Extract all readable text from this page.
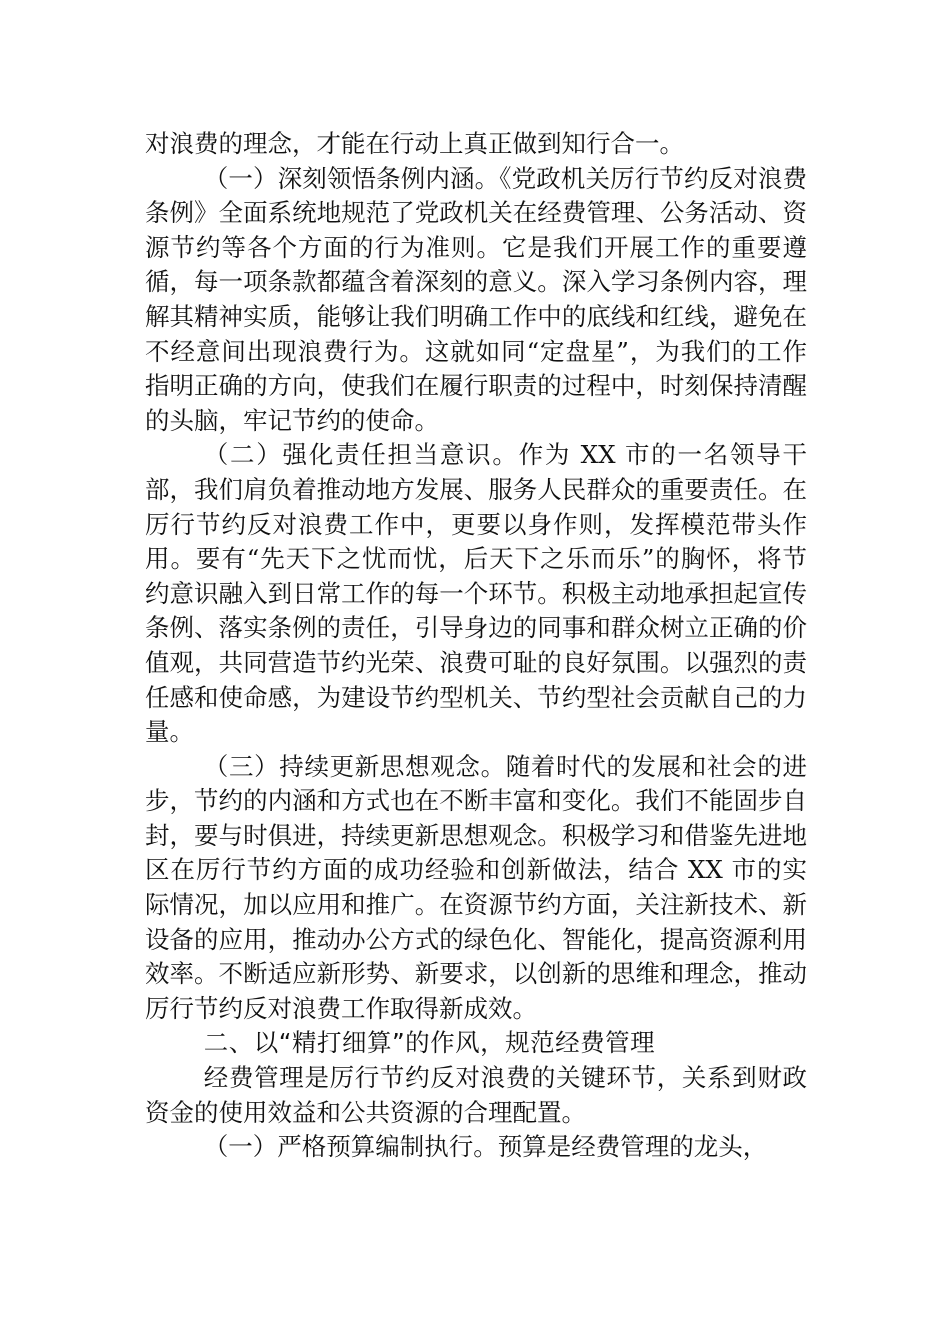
对浪费的理念，才能在行动上真正做到知行合一。

（一）深刻领悟条例内涵。《党政机关厉行节约反对浪费条例》全面系统地规范了党政机关在经费管理、公务活动、资源节约等各个方面的行为准则。它是我们开展工作的重要遵循，每一项条款都蕴含着深刻的意义。深入学习条例内容，理解其精神实质，能够让我们明确工作中的底线和红线，避免在不经意间出现浪费行为。这就如同“定盘星”，为我们的工作指明正确的方向，使我们在履行职责的过程中，时刻保持清醒的头脑，牢记节约的使命。

（二）强化责任担当意识。作为 XX 市的一名领导干部，我们肩负着推动地方发展、服务人民群众的重要责任。在厉行节约反对浪费工作中，更要以身作则，发挥模范带头作用。要有“先天下之忧而忧，后天下之乐而乐”的胸怀，将节约意识融入到日常工作的每一个环节。积极主动地承担起宣传条例、落实条例的责任，引导身边的同事和群众树立正确的价值观，共同营造节约光荣、浪费可耻的良好氛围。以强烈的责任感和使命感，为建设节约型机关、节约型社会贡献自己的力量。

（三）持续更新思想观念。随着时代的发展和社会的进步，节约的内涵和方式也在不断丰富和变化。我们不能固步自封，要与时俱进，持续更新思想观念。积极学习和借鉴先进地区在厉行节约方面的成功经验和创新做法，结合 XX 市的实际情况，加以应用和推广。在资源节约方面，关注新技术、新设备的应用，推动办公方式的绿色化、智能化，提高资源利用效率。不断适应新形势、新要求，以创新的思维和理念，推动厉行节约反对浪费工作取得新成效。

二、以“精打细算”的作风，规范经费管理

经费管理是厉行节约反对浪费的关键环节，关系到财政资金的使用效益和公共资源的合理配置。

（一）严格预算编制执行。预算是经费管理的龙头，
